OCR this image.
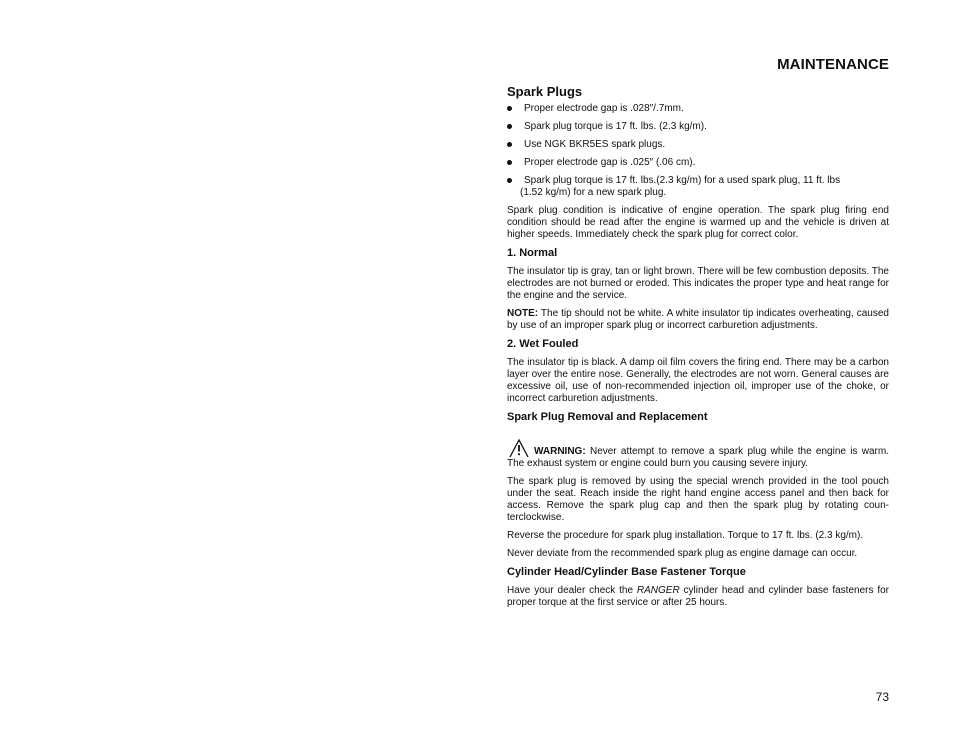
MAINTENANCE
Spark Plugs
Proper electrode gap is .028″/.7mm.
Spark plug torque is 17 ft. lbs. (2.3 kg/m).
Use NGK BKR5ES spark plugs.
Proper electrode gap is .025″ (.06 cm).
Spark plug torque is 17 ft. lbs.(2.3 kg/m) for a used spark plug, 11 ft. lbs
(1.52 kg/m) for a new spark plug.

Spark plug condition is indicative of engine operation. The spark plug firing end condition should be read after the engine is warmed up and the vehicle is driven at higher speeds. Immediately check the spark plug for correct color.

1. Normal

The insulator tip is gray, tan or light brown. There will be few combustion deposits. The electrodes are not burned or eroded. This indicates the proper type and heat range for the engine and the service.

NOTE: The tip should not be white. A white insulator tip indicates overheating, caused by use of an improper spark plug or incorrect carburetion adjustments.

2. Wet Fouled

The insulator tip is black. A damp oil film covers the firing end. There may be a carbon layer over the entire nose. Generally, the electrodes are not worn. General causes are excessive oil, use of non-recommended injection oil, improper use of the choke, or incorrect carburetion adjustments.

Spark Plug Removal and Replacement

WARNING: Never attempt to remove a spark plug while the engine is warm. The exhaust system or engine could burn you causing severe injury.

The spark plug is removed by using the special wrench provided in the tool pouch under the seat. Reach inside the right hand engine access panel and then back for access. Remove the spark plug cap and then the spark plug by rotating coun-terclockwise.

Reverse the procedure for spark plug installation. Torque to 17 ft. lbs. (2.3 kg/m).

Never deviate from the recommended spark plug as engine damage can occur.

Cylinder Head/Cylinder Base Fastener Torque

Have your dealer check the RANGER cylinder head and cylinder base fasteners for proper torque at the first service or after 25 hours.

73
